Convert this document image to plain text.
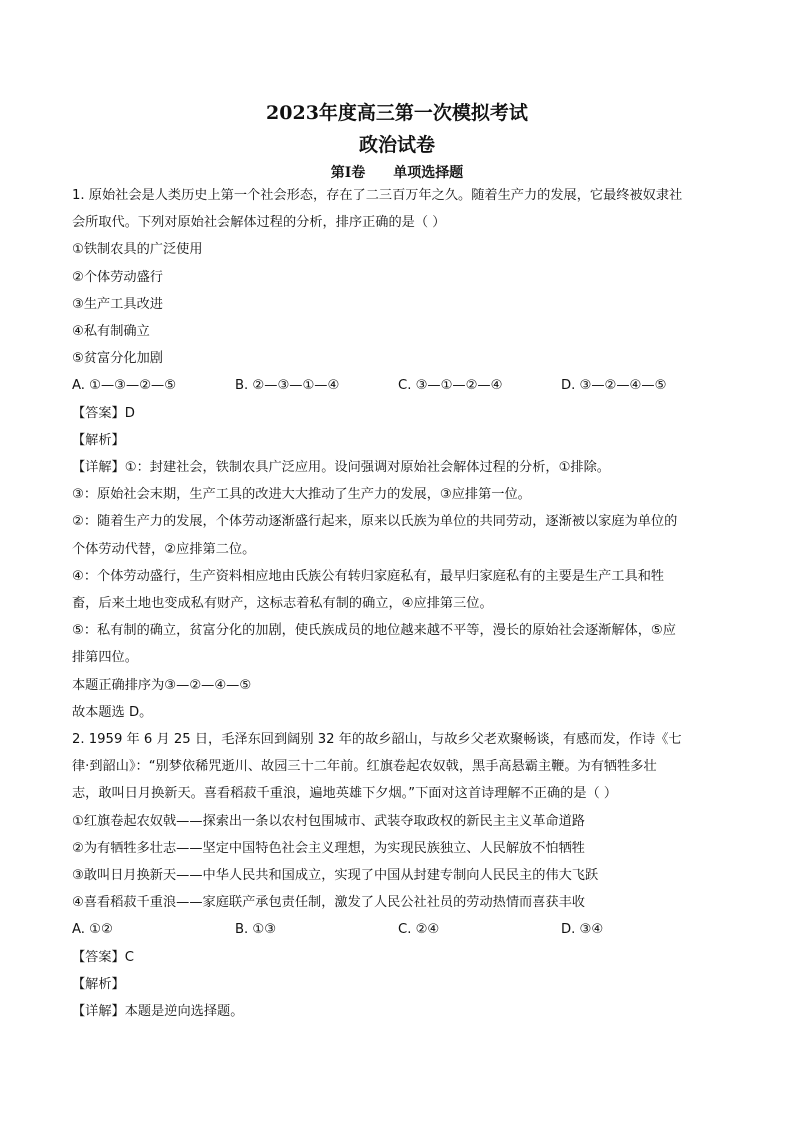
2023年度高三第一次模拟考试
政治试卷
第Ⅰ卷 单项选择题

1. 原始社会是人类历史上第一个社会形态，存在了二三百万年之久。随着生产力的发展，它最终被奴隶社

会所取代。下列对原始社会解体过程的分析，排序正确的是（ ）

①铁制农具的广泛使用

②个体劳动盛行

③生产工具改进

④私有制确立

⑤贫富分化加剧

A. ①—③—②—⑤	B. ②—③—①—④	C. ③—①—②—④	D. ③—②—④—⑤

【答案】D

【解析】

【详解】①：封建社会，铁制农具广泛应用。设问强调对原始社会解体过程的分析，①排除。

③：原始社会末期，生产工具的改进大大推动了生产力的发展，③应排第一位。

②：随着生产力的发展，个体劳动逐渐盛行起来，原来以氏族为单位的共同劳动，逐渐被以家庭为单位的

个体劳动代替，②应排第二位。

④：个体劳动盛行，生产资料相应地由氏族公有转归家庭私有，最早归家庭私有的主要是生产工具和牲

畜，后来土地也变成私有财产，这标志着私有制的确立，④应排第三位。

⑤：私有制的确立，贫富分化的加剧，使氏族成员的地位越来越不平等，漫长的原始社会逐渐解体，⑤应

排第四位。

本题正确排序为③—②—④—⑤

故本题选 D。

2. 1959 年 6 月 25 日，毛泽东回到阔别 32 年的故乡韶山，与故乡父老欢聚畅谈，有感而发，作诗《七

律·到韶山》：“别梦依稀咒逝川、故园三十二年前。红旗卷起农奴戟，黑手高悬霸主鞭。为有牺牲多壮

志，敢叫日月换新天。喜看稻菽千重浪，遍地英雄下夕烟。”下面对这首诗理解不正确的是（ ）

①红旗卷起农奴戟——探索出一条以农村包围城市、武装夺取政权的新民主主义革命道路

②为有牺牲多壮志——坚定中国特色社会主义理想，为实现民族独立、人民解放不怕牺牲

③敢叫日月换新天——中华人民共和国成立，实现了中国从封建专制向人民民主的伟大飞跃

④喜看稻菽千重浪——家庭联产承包责任制，激发了人民公社社员的劳动热情而喜获丰收

A. ①②	B. ①③	C. ②④	D. ③④

【答案】C

【解析】

【详解】本题是逆向选择题。
